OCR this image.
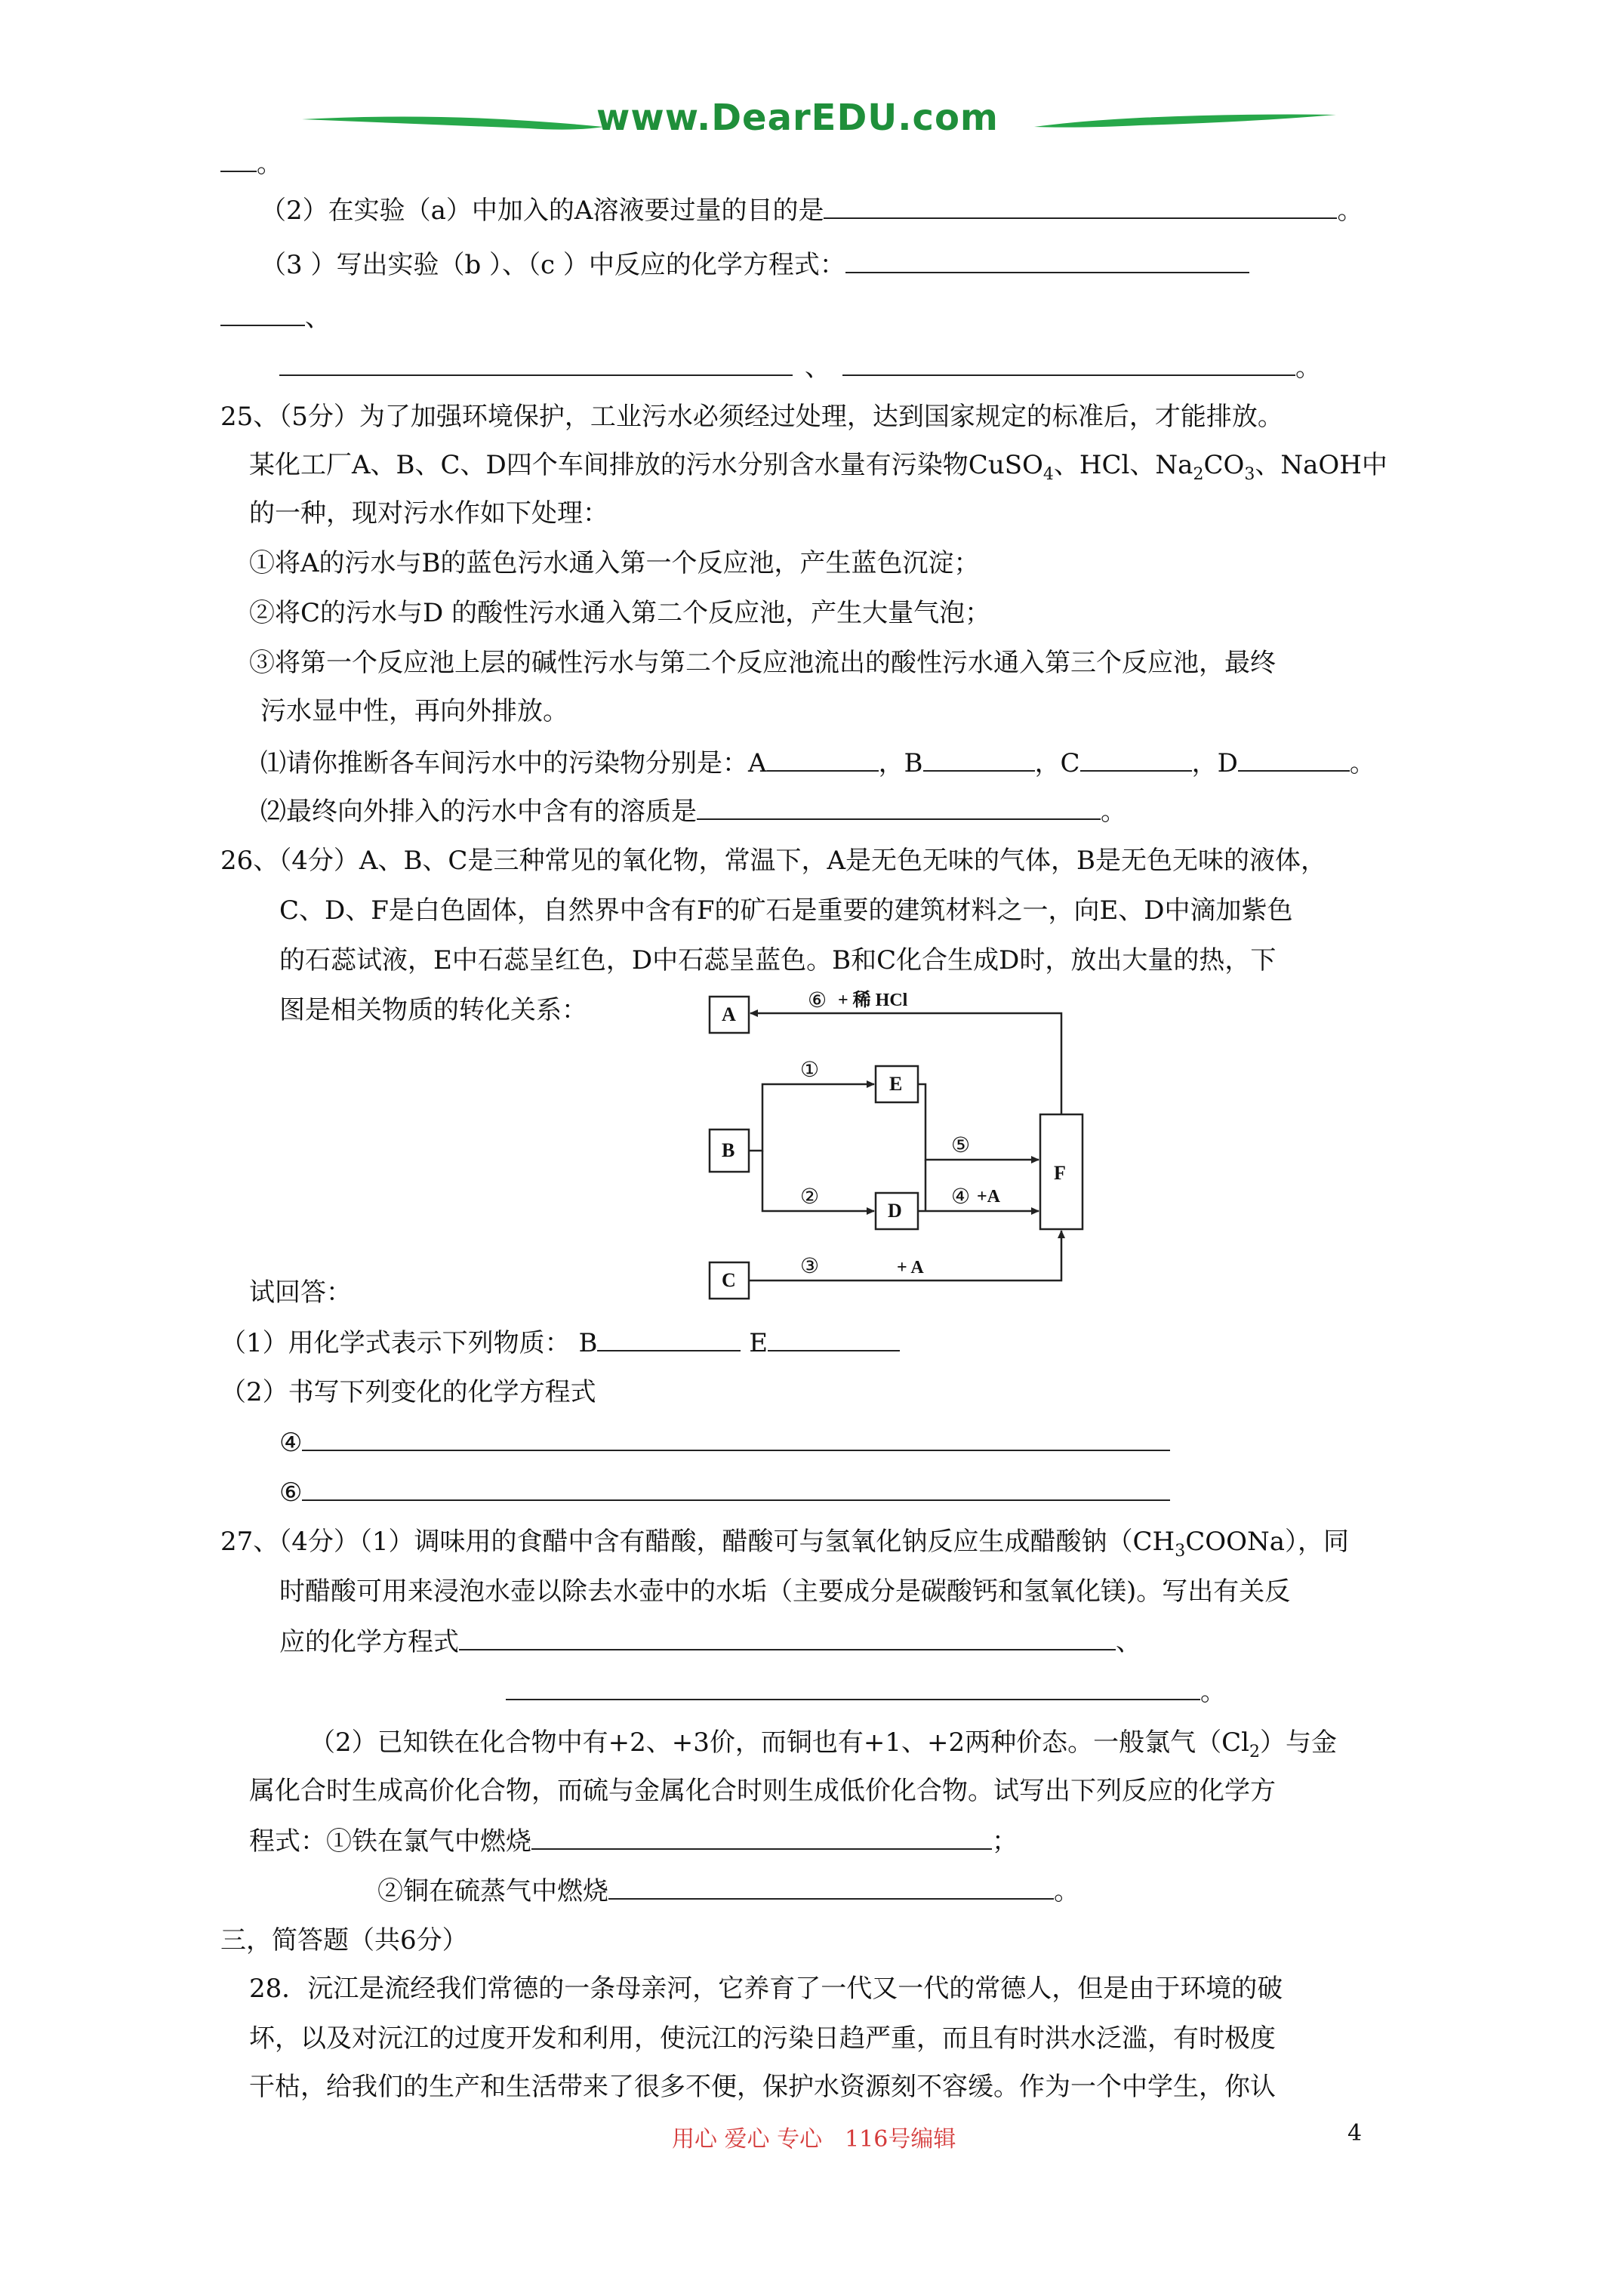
www.DearEDU.com
。
（2）在实验（a）中加入的A溶液要过量的目的是	。
（3 ）写出实验（b ）、（c ）中反应的化学方程式：
、
、	。
25、（5分）为了加强环境保护，工业污水必须经过处理，达到国家规定的标准后，才能排放。
某化工厂A、B、C、D四个车间排放的污水分别含水量有污染物CuSO$_4$、HCl、$Na_2CO_3$、NaOH中
的一种，现对污水作如下处理：
①将A的污水与B的蓝色污水通入第一个反应池，产生蓝色沉淀；
②将C的污水与D 的酸性污水通入第二个反应池，产生大量气泡；
③将第一个反应池上层的碱性污水与第二个反应池流出的酸性污水通入第三个反应池，最终
污水显中性，再向外排放。
⑴请你推断各车间污水中的污染物分别是：A	，B	，C	，D	。
⑵最终向外排入的污水中含有的溶质是	。
26、（4分）A、B、C是三种常见的氧化物，常温下，A是无色无味的气体，B是无色无味的液体，
C、D、F是白色固体，自然界中含有F的矿石是重要的建筑材料之一，向E、D中滴加紫色
的石蕊试液，E中石蕊呈红色，D中石蕊呈蓝色。B和C化合生成D时，放出大量的热，下
图是相关物质的转化关系：	A
B
C
E
D
F
⑥
①
⑤
②	④
③
+ 稀 HCl
+A
+ A
试回答：
（1）用化学式表示下列物质： B	E
（2）书写下列变化的化学方程式
④
⑥
27、（4分）（1）调味用的食醋中含有醋酸，醋酸可与氢氧化钠反应生成醋酸钠$(CH_3COONa)$，同
时醋酸可用来浸泡水壶以除去水壶中的水垢（主要成分是碳酸钙和氢氧化镁)。写出有关反
应的化学方程式	、
。
（2）已知铁在化合物中有+2、+3价，而铜也有+1、+2两种价态。一般氯气$(Cl_2)$与金
属化合时生成高价化合物，而硫与金属化合时则生成低价化合物。试写出下列反应的化学方
程式：①铁在氯气中燃烧	；
②铜在硫蒸气中燃烧	。
三，简答题（共6分）
28．沅江是流经我们常德的一条母亲河，它养育了一代又一代的常德人，但是由于环境的破
坏，以及对沅江的过度开发和利用，使沅江的污染日趋严重，而且有时洪水泛滥，有时极度
干枯，给我们的生产和生活带来了很多不便，保护水资源刻不容缓。作为一个中学生，你认
用心 爱心 专心　116号编辑	4
